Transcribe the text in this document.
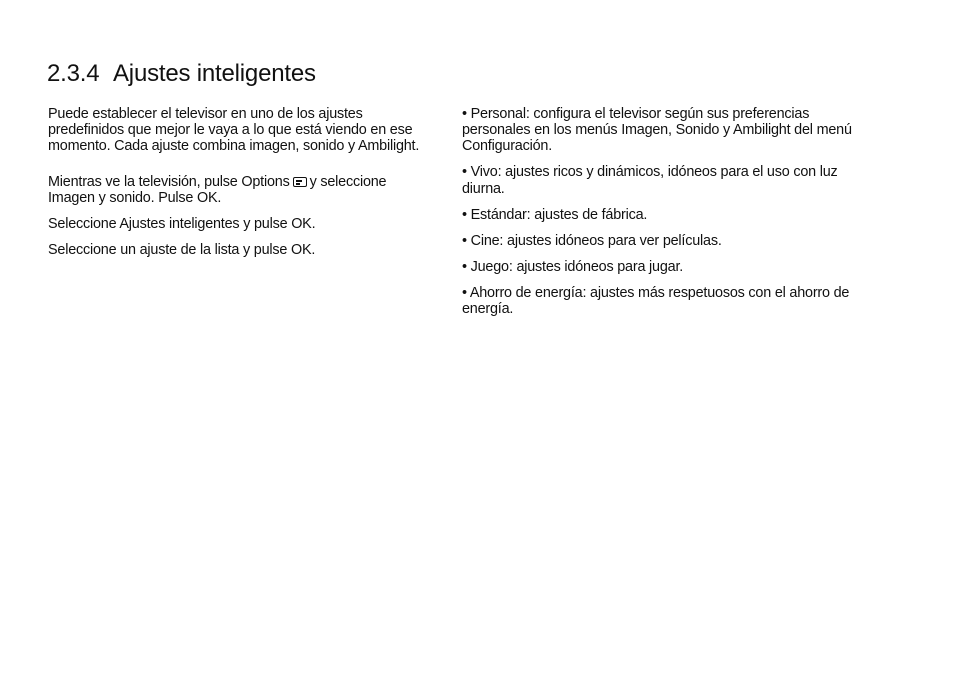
2.3.4 Ajustes inteligentes

Puede establecer el televisor en uno de los ajustes predefinidos que mejor le vaya a lo que está viendo en ese momento. Cada ajuste combina imagen, sonido y Ambilight.

Mientras ve la televisión, pulse Options y seleccione Imagen y sonido. Pulse OK.

Seleccione Ajustes inteligentes y pulse OK.

Seleccione un ajuste de la lista y pulse OK.

• Personal: configura el televisor según sus preferencias personales en los menús Imagen, Sonido y Ambilight del menú Configuración.

• Vivo: ajustes ricos y dinámicos, idóneos para el uso con luz diurna.

• Estándar: ajustes de fábrica.

• Cine: ajustes idóneos para ver películas.

• Juego: ajustes idóneos para jugar.

• Ahorro de energía: ajustes más respetuosos con el ahorro de energía.
